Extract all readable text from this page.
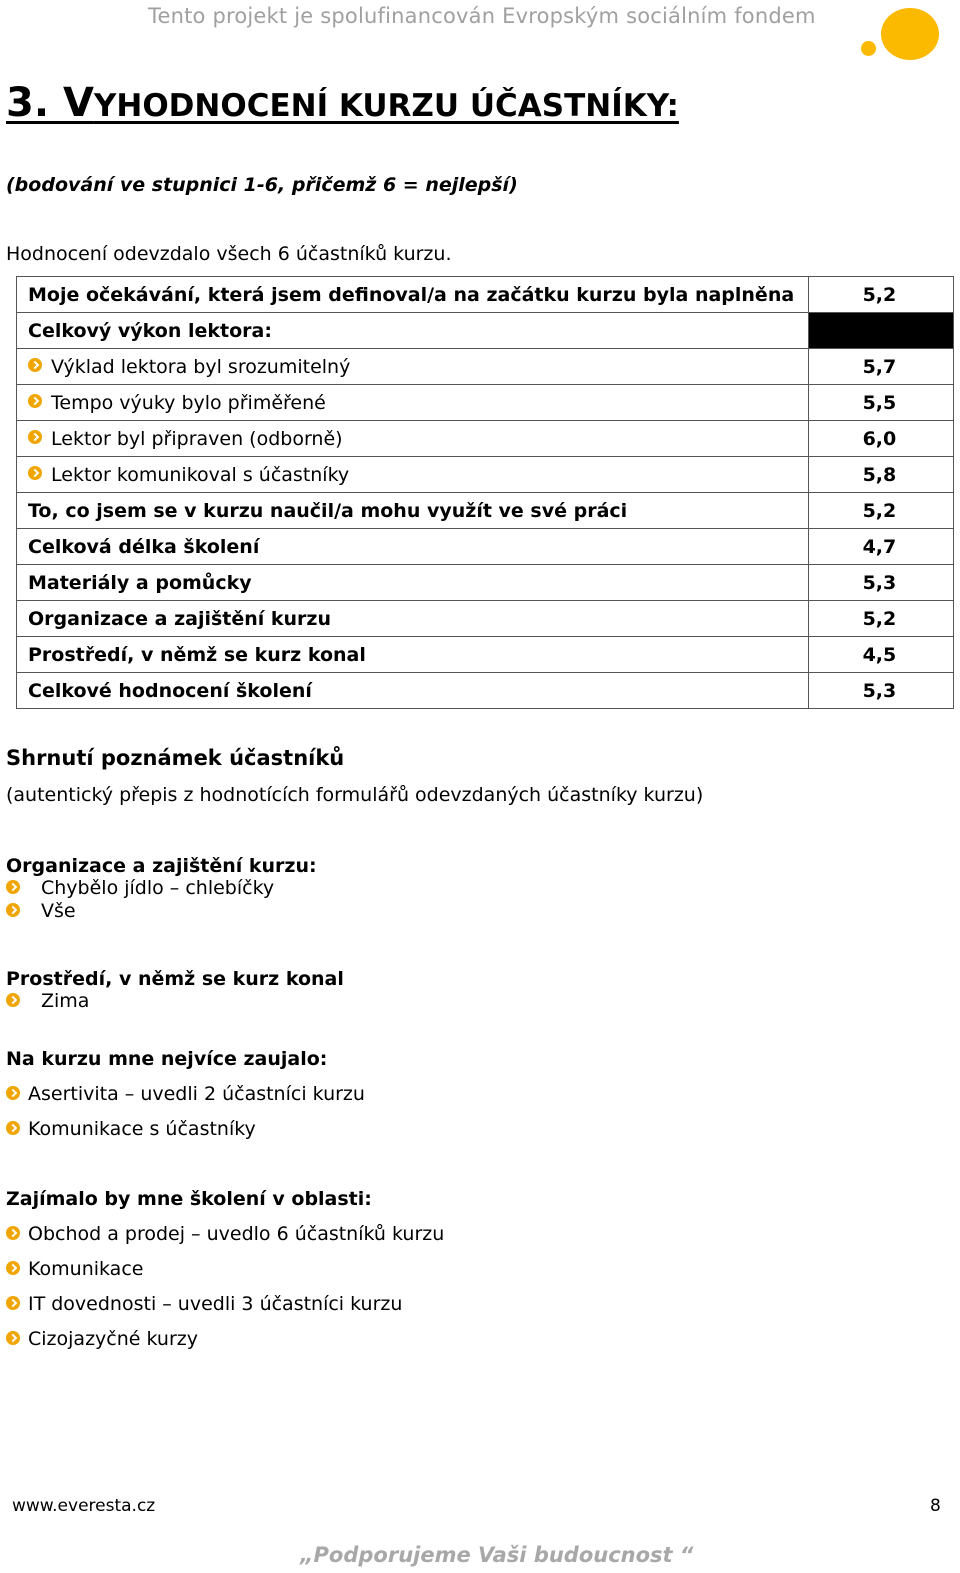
Tento projekt je spolufinancován Evropským sociálním fondem
3. VYHODNOCENÍ KURZU ÚČASTNÍKY:
(bodování ve stupnici 1-6, přičemž 6 = nejlepší)
Hodnocení odevzdalo všech 6 účastníků kurzu.
Moje očekávání, která jsem definoval/a na začátku kurzu byla naplněna	5,2
Celkový výkon lektora:	
Výklad lektora byl srozumitelný	5,7
Tempo výuky bylo přiměřené	5,5
Lektor byl připraven (odborně)	6,0
Lektor komunikoval s účastníky	5,8
To, co jsem se v kurzu naučil/a mohu využít ve své práci	5,2
Celková délka školení	4,7
Materiály a pomůcky	5,3
Organizace a zajištění kurzu	5,2
Prostředí, v němž se kurz konal	4,5
Celkové hodnocení školení	5,3
Shrnutí poznámek účastníků
(autentický přepis z hodnotících formulářů odevzdaných účastníky kurzu)
Organizace a zajištění kurzu:
Chybělo jídlo – chlebíčky
Vše
Prostředí, v němž se kurz konal
Zima
Na kurzu mne nejvíce zaujalo:
Asertivita – uvedli 2 účastníci kurzu
Komunikace s účastníky
Zajímalo by mne školení v oblasti:
Obchod a prodej – uvedlo 6 účastníků kurzu
Komunikace
IT dovednosti – uvedli 3 účastníci kurzu
Cizojazyčné kurzy
www.everesta.cz	8
„Podporujeme Vaši budoucnost “
